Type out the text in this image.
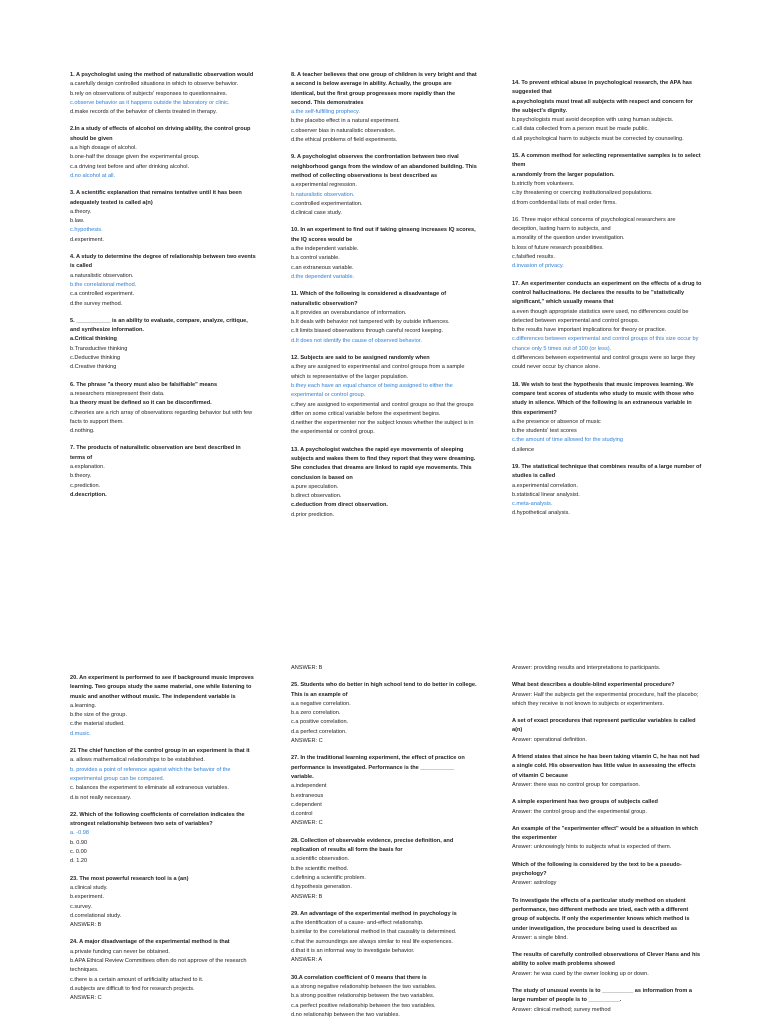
1. A psychologist using the method of naturalistic observation would
a.carefully design controlled situations in which to observe behavior.
b.rely on observations of subjects' responses to questionnaires.
c.observe behavior as it happens outside the laboratory or clinic.
d.make records of the behavior of clients treated in therapy.
2.In a study of effects of alcohol on driving ability, the control group should be given
a.a high dosage of alcohol.
b.one-half the dosage given the experimental group.
c.a driving test before and after drinking alcohol.
d.no alcohol at all.
3. A scientific explanation that remains tentative until it has been adequately tested is called a(n)
a.theory.
b.law.
c.hypothesis.
d.experiment.
4. A study to determine the degree of relationship between two events is called
a.naturalistic observation.
b.the correlational method.
c.a controlled experiment.
d.the survey method.
5. ___________ is an ability to evaluate, compare, analyze, critique, and synthesize information.
a.Critical thinking
b.Transductive thinking
c.Deductive thinking
d.Creative thinking
6. The phrase "a theory must also be falsifiable" means
a.researchers misrepresent their data.
b.a theory must be defined so it can be disconfirmed.
c.theories are a rich array of observations regarding behavior but with few facts to support them.
d.nothing.
7. The products of naturalistic observation are best described in terms of
a.explanation.
b.theory.
c.prediction.
d.description.
8. A teacher believes that one group of children is very bright and that a second is below average in ability. Actually, the groups are identical, but the first group progresses more rapidly than the second. This demonstrates
a.the self-fulfilling prophecy.
b.the placebo effect in a natural experiment.
c.observer bias in naturalistic observation.
d.the ethical problems of field experiments.
9. A psychologist observes the confrontation between two rival neighborhood gangs from the window of an abandoned building. This method of collecting observations is best described as
a.experimental regression.
b.naturalistic observation.
c.controlled experimentation.
d.clinical case study.
10. In an experiment to find out if taking ginseng increases IQ scores, the IQ scores would be
a.the independent variable.
b.a control variable.
c.an extraneous variable.
d.the dependent variable.
11. Which of the following is considered a disadvantage of naturalistic observation?
a.It provides an overabundance of information.
b.It deals with behavior not tampered with by outside influences.
c.It limits biased observations through careful record keeping.
d.It does not identify the cause of observed behavior.
12. Subjects are said to be assigned randomly when
a.they are assigned to experimental and control groups from a sample which is representative of the larger population.
b.they each have an equal chance of being assigned to either the experimental or control group.
c.they are assigned to experimental and control groups so that the groups differ on some critical variable before the experiment begins.
d.neither the experimenter nor the subject knows whether the subject is in the experimental or control group.
13. A psychologist watches the rapid eye movements of sleeping subjects and wakes them to find they report that they were dreaming. She concludes that dreams are linked to rapid eye movements. This conclusion is based on
a.pure speculation.
b.direct observation.
c.deduction from direct observation.
d.prior prediction.
14. To prevent ethical abuse in psychological research, the APA has suggested that
a.psychologists must treat all subjects with respect and concern for the subject's dignity.
b.psychologists must avoid deception with using human subjects.
c.all data collected from a person must be made public.
d.all psychological harm to subjects must be corrected by counseling.
15. A common method for selecting representative samples is to select them
a.randomly from the larger population.
b.strictly from volunteers.
c.by threatening or coercing institutionalized populations.
d.from confidential lists of mail order firms.
16. Three major ethical concerns of psychological researchers are deception, lasting harm to subjects, and
a.morality of the question under investigation.
b.loss of future research possibilities.
c.falsified results.
d.invasion of privacy.
17. An experimenter conducts an experiment on the effects of a drug to control hallucinations. He declares the results to be "statistically significant," which usually means that
a.even though appropriate statistics were used, no differences could be detected between experimental and control groups.
b.the results have important implications for theory or practice.
c.differences between experimental and control groups of this size occur by chance only 5 times out of 100 (or less).
d.differences between experimental and control groups were so large they could never occur by chance alone.
18. We wish to test the hypothesis that music improves learning. We compare test scores of students who study to music with those who study in silence. Which of the following is an extraneous variable in this experiment?
a.the presence or absence of music
b.the students' test scores
c.the amount of time allowed for the studying
d.silence
19. The statistical technique that combines results of a large number of studies is called
a.experimental correlation.
b.statistical linear analysist.
c.meta-analysis.
d.hypothetical analysis.
20. An experiment is performed to see if background music improves learning. Two groups study the same material, one while listening to music and another without music. The independent variable is
a.learning.
b.the size of the group.
c.the material studied.
d.music.
21 The chief function of the control group in an experiment is that it
a. allows mathematical relationships to be established.
b. provides a point of reference against which the behavior of the experimental group can be compared.
c. balances the experiment to eliminate all extraneous variables.
d.is not really necessary.
22. Which of the following coefficients of correlation indicates the strongest relationship between two sets of variables?
a. -0.98
b. 0.90
c. 0.00
d. 1.20
23. The most powerful research tool is a (an)
a.clinical study.
b.experiment.
c.survey.
d.correlational study.
ANSWER: B
24. A major disadvantage of the experimental method is that
a.private funding can never be obtained.
b.APA Ethical Review Committees often do not approve of the research techniques.
c.there is a certain amount of artificiality attached to it.
d.subjects are difficult to find for research projects.
ANSWER: C
ANSWER: B
25. Students who do better in high school tend to do better in college. This is an example of
a.a negative correlation.
b.a zero correlation.
c.a positive correlation.
d.a perfect correlation.
ANSWER: C
27. In the traditional learning experiment, the effect of practice on performance is investigated. Performance is the ___________ variable.
a.independent
b.extraneous
c.dependent
d.control
ANSWER: C
28. Collection of observable evidence, precise definition, and replication of results all form the basis for
a.scientific observation.
b.the scientific method.
c.defining a scientific problem.
d.hypothesis generation.
ANSWER: B
29. An advantage of the experimental method in psychology is
a.the identification of a cause- and-effect relationship.
b.similar to the correlational method in that causality is determined.
c.that the surroundings are always similar to real life experiences.
d.that it is an informal way to investigate behavior.
ANSWER: A
30.A correlation coefficient of 0 means that there is
a.a strong negative relationship between the two variables.
b.a strong positive relationship between the two variables.
c.a perfect positive relationship between the two variables.
d.no relationship between the two variables.
Answer: providing results and interpretations to participants.
What best describes a double-blind experimental procedure?
Answer: Half the subjects get the experimental procedure, half the placebo; which they receive is not known to subjects or experimenters.
A set of exact procedures that represent particular variables is called a(n)
Answer: operational definition.
A friend states that since he has been taking vitamin C, he has not had a single cold. His observation has little value in assessing the effects of vitamin C because
Answer: there was no control group for comparison.
A simple experiment has two groups of subjects called
Answer: the control group and the experimental group.
An example of the "experimenter effect" would be a situation in which the experimenter
Answer: unknowingly hints to subjects what is expected of them.
Which of the following is considered by the text to be a pseudo-psychology?
Answer: astrology
To investigate the effects of a particular study method on student performance, two different methods are tried, each with a different group of subjects. If only the experimenter knows which method is under investigation, the procedure being used is described as
Answer: a single blind.
The results of carefully controlled observations of Clever Hans and his ability to solve math problems showed
Answer: he was cued by the owner looking up or down.
The study of unusual events is to __________ as information from a large number of people is to __________.
Answer: clinical method; survey method
